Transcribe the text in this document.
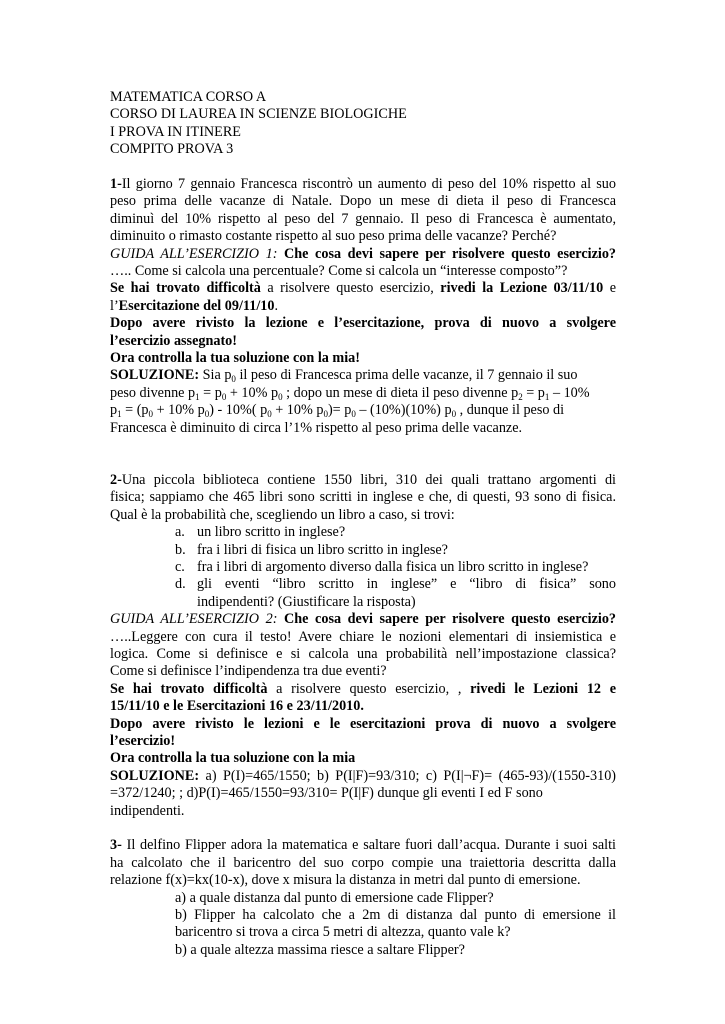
MATEMATICA CORSO A
CORSO DI LAUREA IN SCIENZE BIOLOGICHE
I PROVA IN ITINERE
COMPITO PROVA 3
1-Il giorno 7 gennaio Francesca riscontrò un aumento di peso del 10% rispetto al suo
peso prima delle vacanze di Natale. Dopo un mese di dieta il peso di Francesca
diminuì del 10% rispetto al peso del 7 gennaio. Il peso di Francesca è aumentato,
diminuito o rimasto costante rispetto al suo peso prima delle vacanze? Perché?
GUIDA ALL’ESERCIZIO 1: Che cosa devi sapere per risolvere questo esercizio?
….. Come si calcola una percentuale? Come si calcola un “interesse composto”?
Se hai trovato difficoltà a risolvere questo esercizio, rivedi la Lezione 03/11/10 e
l’Esercitazione del 09/11/10.
Dopo avere rivisto la lezione e l’esercitazione, prova di nuovo a svolgere
l’esercizio assegnato!
Ora controlla la tua soluzione con la mia!
SOLUZIONE: Sia $p_0$ il peso di Francesca prima delle vacanze, il 7 gennaio il suo
peso divenne $p_1 = p_0 + 10\%$ $p_0$ ; dopo un mese di dieta il peso divenne $p_2 = p_1 - 10\%$
$p_1 = (p_0 + 10\%$ $p_0) - 10\%$( $p_0 + 10\%$ $p_0)= p_0 - (10\%)(10\%)$ $p_0$ , dunque il peso di
Francesca è diminuito di circa l’1% rispetto al peso prima delle vacanze.
2-Una piccola biblioteca contiene 1550 libri, 310 dei quali trattano argomenti di
fisica; sappiamo che 465 libri sono scritti in inglese e che, di questi, 93 sono di fisica.
Qual è la probabilità che, scegliendo un libro a caso, si trovi:
a. un libro scritto in inglese?
b. fra i libri di fisica un libro scritto in inglese?
c. fra i libri di argomento diverso dalla fisica un libro scritto in inglese?
d. gli eventi “libro scritto in inglese” e “libro di fisica” sono
indipendenti? (Giustificare la risposta)
GUIDA ALL’ESERCIZIO 2: Che cosa devi sapere per risolvere questo esercizio?
…..Leggere con cura il testo! Avere chiare le nozioni elementari di insiemistica e
logica. Come si definisce e si calcola una probabilità nell’impostazione classica?
Come si definisce l’indipendenza tra due eventi?
Se hai trovato difficoltà a risolvere questo esercizio, , rivedi le Lezioni 12 e
15/11/10 e le Esercitazioni 16 e 23/11/2010.
Dopo avere rivisto le lezioni e le esercitazioni prova di nuovo a svolgere
l’esercizio!
Ora controlla la tua soluzione con la mia
SOLUZIONE: a) P(I)=465/1550; b) P(I|F)=93/310; c) P(I|¬F)= (465-93)/(1550-310)
=372/1240; ; d)P(I)=465/1550=93/310= P(I|F) dunque gli eventi I ed F sono
indipendenti.
3- Il delfino Flipper adora la matematica e saltare fuori dall’acqua. Durante i suoi salti
ha calcolato che il baricentro del suo corpo compie una traiettoria descritta dalla
relazione f(x)=kx(10-x), dove x misura la distanza in metri dal punto di emersione.
a) a quale distanza dal punto di emersione cade Flipper?
b) Flipper ha calcolato che a 2m di distanza dal punto di emersione il
baricentro si trova a circa 5 metri di altezza, quanto vale k?
b) a quale altezza massima riesce a saltare Flipper?
